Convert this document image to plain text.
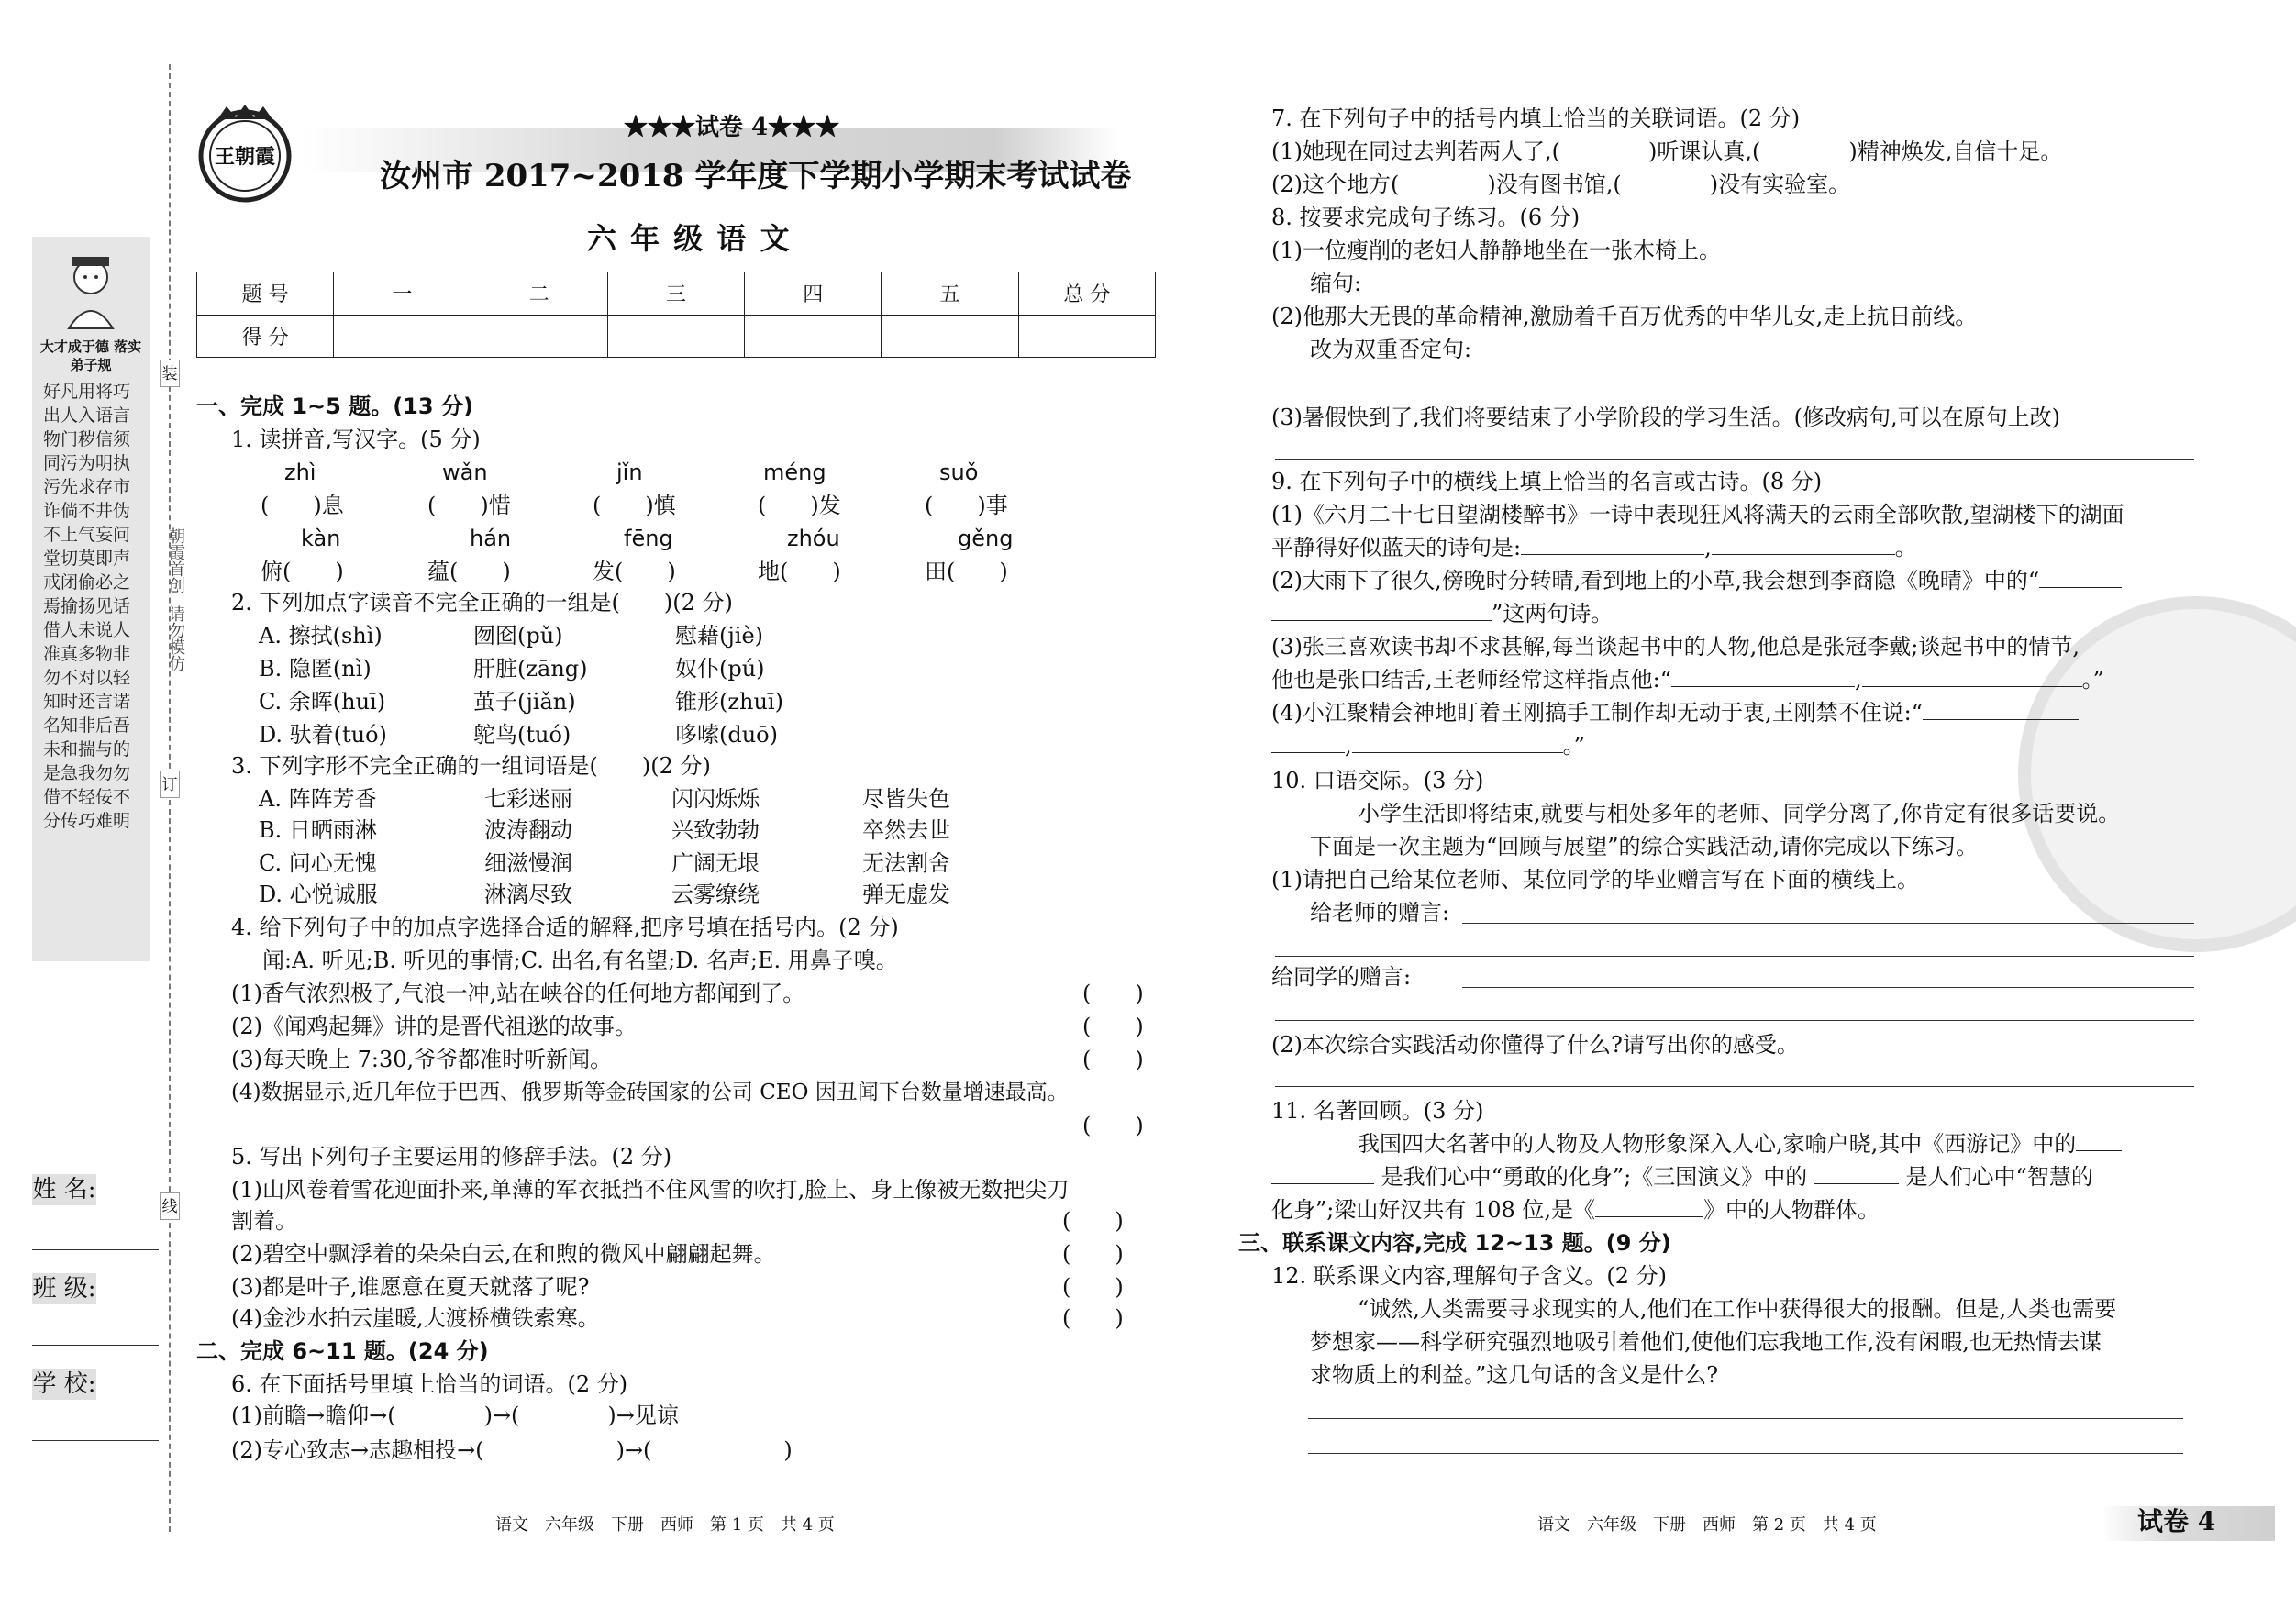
大才成于德 落实弟子规
好凡用将巧出人入语言物门秽信须同污为明执污先求存市诈倘不井伪不上气妄问堂切莫即声戒闭偷必之焉揄扬见话借人未说人准真多物非勿不对以轻知时还言诺名知非后吾未和揣与的是急我勿勿借不轻佞不分传巧难明
朝霞首创
请勿模仿
装
订
线
姓 名:
班 级:
学 校:
王朝霞
★★★试卷 4★★★
汝州市 2017~2018 学年度下学期小学期末考试试卷
六 年 级 语 文
题 号	一	二	三	四	五	总 分
得 分						
一、完成 1~5 题。(13 分)
1. 读拼音,写汉字。(5 分)
zhì	wǎn	jǐn	méng	suǒ
(　　)息	(　　)惜	(　　)慎	(　　)发	(　　)事
kàn	hán	fēng	zhóu	gěng
俯(　　)	蕴(　　)	发(　　)	地(　　)	田(　　)
2. 下列加点字读音不完全正确的一组是(　　)(2 分)
A. 擦拭(shì)	囫囵(pǔ)	慰藉(jiè)
B. 隐匿(nì)	肝脏(zāng)	奴仆(pú)
C. 余晖(huī)	茧子(jiǎn)	锥形(zhuī)
D. 驮着(tuó)	鸵鸟(tuó)	哆嗦(duō)
3. 下列字形不完全正确的一组词语是(　　)(2 分)
A. 阵阵芳香	七彩迷丽	闪闪烁烁	尽皆失色
B. 日晒雨淋	波涛翻动	兴致勃勃	卒然去世
C. 问心无愧	细滋慢润	广阔无垠	无法割舍
D. 心悦诚服	淋漓尽致	云雾缭绕	弹无虚发
4. 给下列句子中的加点字选择合适的解释,把序号填在括号内。(2 分)
闻:A. 听见;B. 听见的事情;C. 出名,有名望;D. 名声;E. 用鼻子嗅。
(1)香气浓烈极了,气浪一冲,站在峡谷的任何地方都闻到了。	(　　)
(2)《闻鸡起舞》讲的是晋代祖逖的故事。	(　　)
(3)每天晚上 7:30,爷爷都准时听新闻。	(　　)
(4)数据显示,近几年位于巴西、俄罗斯等金砖国家的公司 CEO 因丑闻下台数量增速最高。
(　　)
5. 写出下列句子主要运用的修辞手法。(2 分)
(1)山风卷着雪花迎面扑来,单薄的军衣抵挡不住风雪的吹打,脸上、身上像被无数把尖刀
割着。	(　　)
(2)碧空中飘浮着的朵朵白云,在和煦的微风中翩翩起舞。	(　　)
(3)都是叶子,谁愿意在夏天就落了呢?	(　　)
(4)金沙水拍云崖暖,大渡桥横铁索寒。	(　　)
二、完成 6~11 题。(24 分)
6. 在下面括号里填上恰当的词语。(2 分)
(1)前瞻→瞻仰→(　　　　)→(　　　　)→见谅
(2)专心致志→志趣相投→(　　　　　　)→(　　　　　　)
语文　六年级　下册　西师　第 1 页　共 4 页
7. 在下列句子中的括号内填上恰当的关联词语。(2 分)
(1)她现在同过去判若两人了,(　　　　)听课认真,(　　　　)精神焕发,自信十足。
(2)这个地方(　　　　)没有图书馆,(　　　　)没有实验室。
8. 按要求完成句子练习。(6 分)
(1)一位瘦削的老妇人静静地坐在一张木椅上。
缩句:
(2)他那大无畏的革命精神,激励着千百万优秀的中华儿女,走上抗日前线。
改为双重否定句:
(3)暑假快到了,我们将要结束了小学阶段的学习生活。(修改病句,可以在原句上改)
9. 在下列句子中的横线上填上恰当的名言或古诗。(8 分)
(1)《六月二十七日望湖楼醉书》一诗中表现狂风将满天的云雨全部吹散,望湖楼下的湖面
平静得好似蓝天的诗句是:	,	。
(2)大雨下了很久,傍晚时分转晴,看到地上的小草,我会想到李商隐《晚晴》中的“
”这两句诗。
(3)张三喜欢读书却不求甚解,每当谈起书中的人物,他总是张冠李戴;谈起书中的情节,
他也是张口结舌,王老师经常这样指点他:“	,	。”
(4)小江聚精会神地盯着王刚搞手工制作却无动于衷,王刚禁不住说:“
,	。”
10. 口语交际。(3 分)
小学生活即将结束,就要与相处多年的老师、同学分离了,你肯定有很多话要说。
下面是一次主题为“回顾与展望”的综合实践活动,请你完成以下练习。
(1)请把自己给某位老师、某位同学的毕业赠言写在下面的横线上。
给老师的赠言:
给同学的赠言:
(2)本次综合实践活动你懂得了什么?请写出你的感受。
11. 名著回顾。(3 分)
我国四大名著中的人物及人物形象深入人心,家喻户晓,其中《西游记》中的
是我们心中“勇敢的化身”;《三国演义》中的	是人们心中“智慧的
化身”;梁山好汉共有 108 位,是《	》中的人物群体。
三、联系课文内容,完成 12~13 题。(9 分)
12. 联系课文内容,理解句子含义。(2 分)
“诚然,人类需要寻求现实的人,他们在工作中获得很大的报酬。但是,人类也需要
梦想家——科学研究强烈地吸引着他们,使他们忘我地工作,没有闲暇,也无热情去谋
求物质上的利益。”这几句话的含义是什么?
语文　六年级　下册　西师　第 2 页　共 4 页	试卷 4
